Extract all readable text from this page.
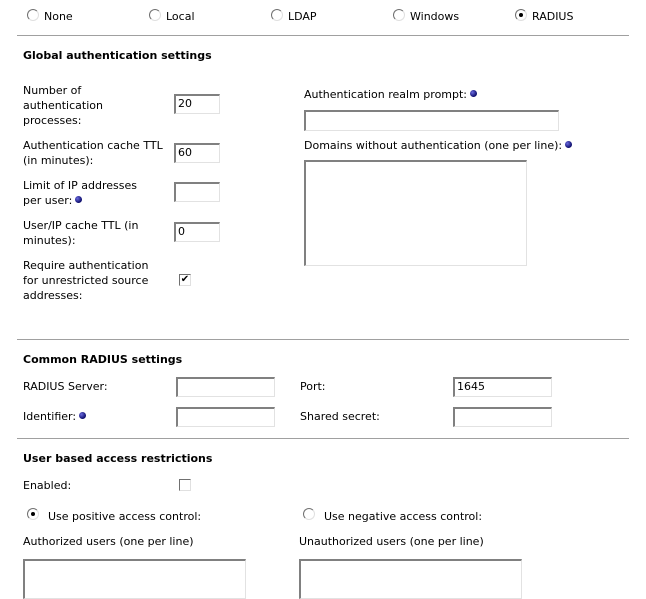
None	Local	LDAP	Windows	RADIUS
Global authentication settings
Number of
authentication
processes:
20
Authentication cache TTL
(in minutes):
60
Limit of IP addresses
per user:
User/IP cache TTL (in
minutes):
0
Require authentication
for unrestricted source
addresses:
✔
Authentication realm prompt:
Domains without authentication (one per line):
Common RADIUS settings
RADIUS Server:	Port:	1645
Identifier:	Shared secret:
User based access restrictions
Enabled:
Use positive access control:	Use negative access control:
Authorized users (one per line)	Unauthorized users (one per line)
